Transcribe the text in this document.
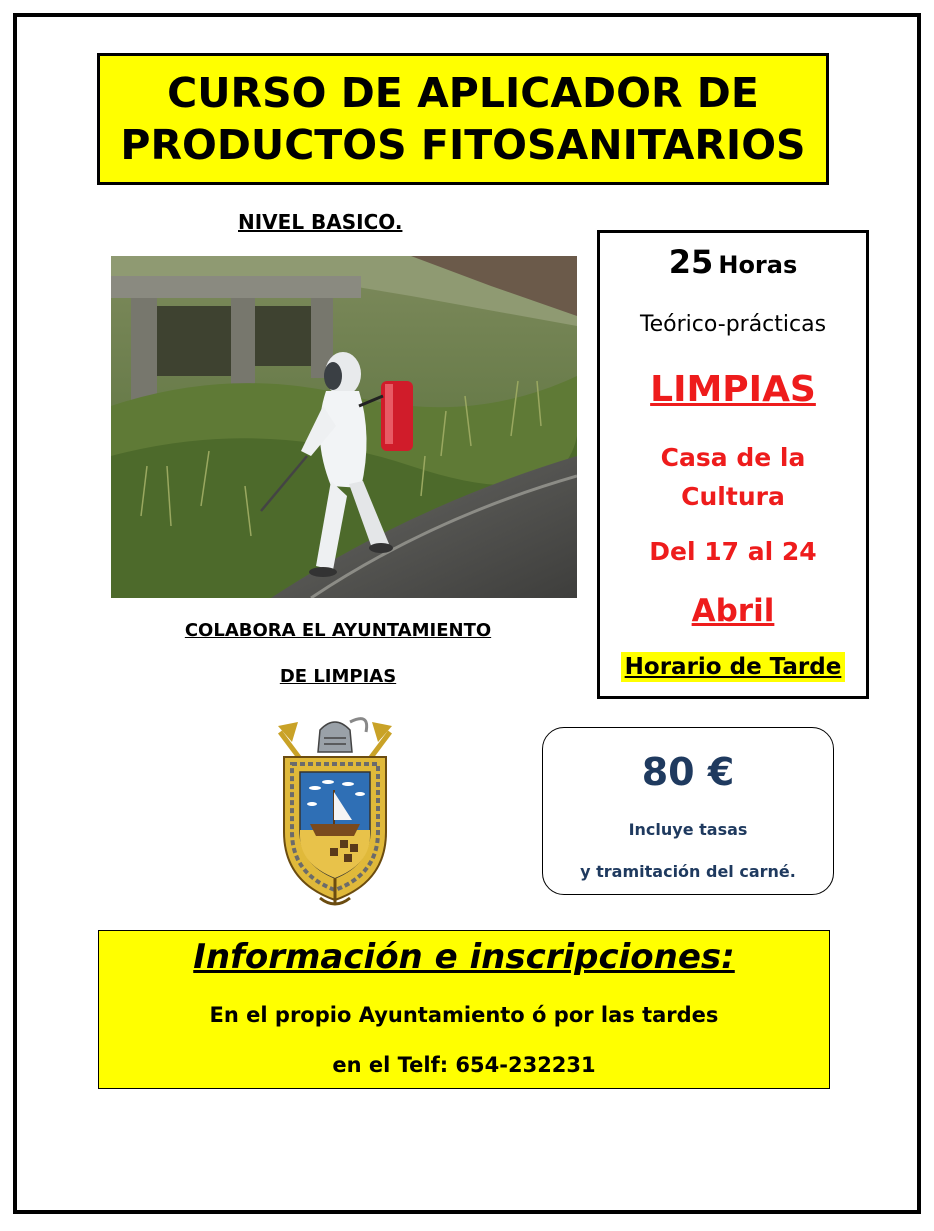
CURSO DE APLICADOR DE
PRODUCTOS FITOSANITARIOS
NIVEL BASICO.
COLABORA EL AYUNTAMIENTO
DE LIMPIAS
25 Horas
Teórico-prácticas
LIMPIAS
Casa de la
Cultura
Del 17 al 24
Abril
Horario de Tarde
80 €
Incluye tasas
y tramitación del carné.
Información e inscripciones:
En el propio Ayuntamiento ó por las tardes
en el Telf: 654-232231
